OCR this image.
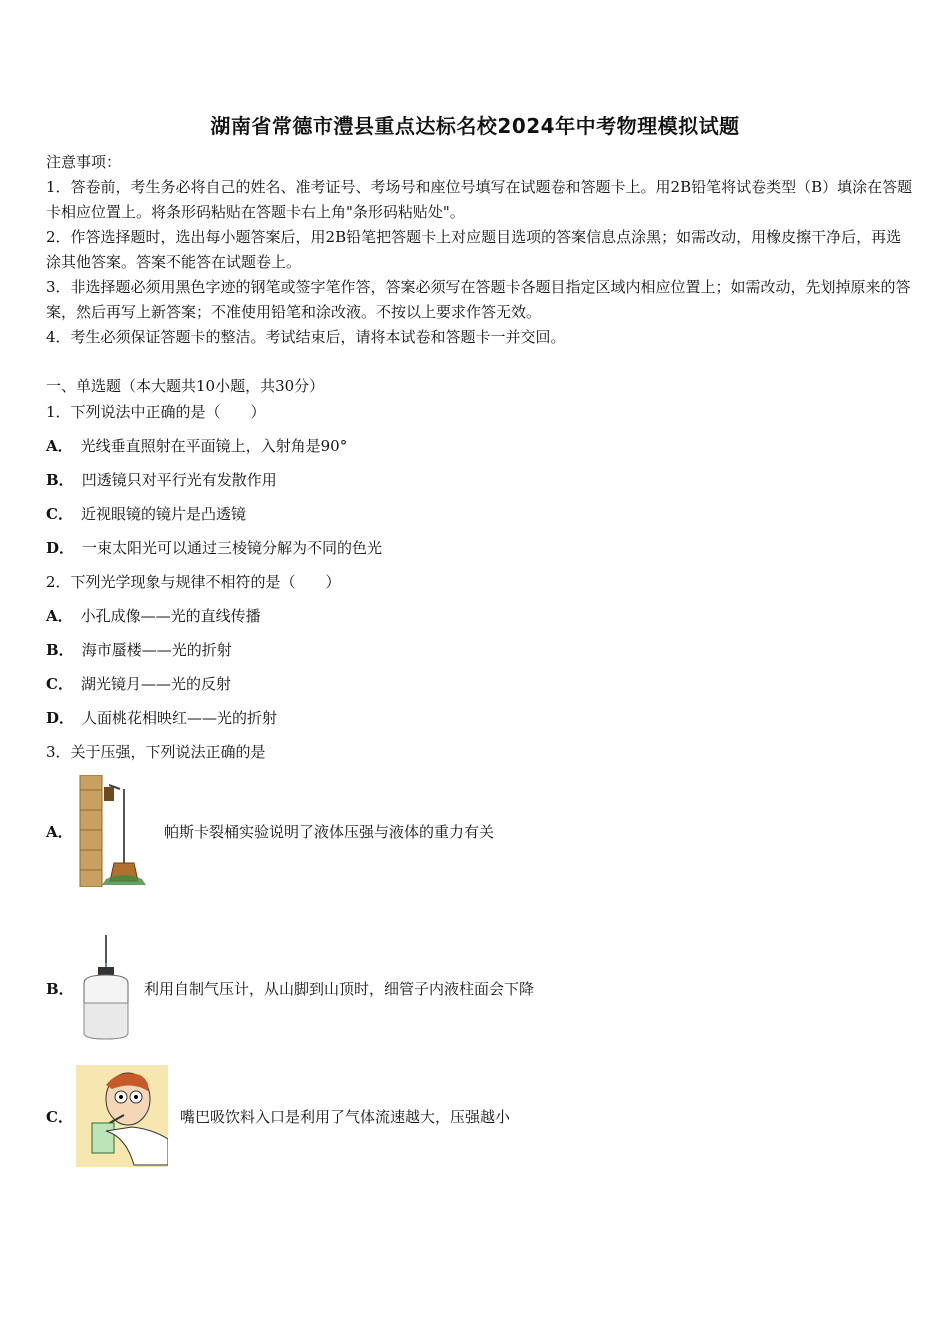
湖南省常德市澧县重点达标名校2024年中考物理模拟试题

注意事项：

1．答卷前，考生务必将自己的姓名、准考证号、考场号和座位号填写在试题卷和答题卡上。用2B铅笔将试卷类型（B）填涂在答题卡相应位置上。将条形码粘贴在答题卡右上角"条形码粘贴处"。

2．作答选择题时，选出每小题答案后，用2B铅笔把答题卡上对应题目选项的答案信息点涂黑；如需改动，用橡皮擦干净后，再选涂其他答案。答案不能答在试题卷上。

3．非选择题必须用黑色字迹的钢笔或签字笔作答，答案必须写在答题卡各题目指定区域内相应位置上；如需改动，先划掉原来的答案，然后再写上新答案；不准使用铅笔和涂改液。不按以上要求作答无效。

4．考生必须保证答题卡的整洁。考试结束后，请将本试卷和答题卡一并交回。

一、单选题（本大题共10小题，共30分）
1．下列说法中正确的是（　　）
A． 光线垂直照射在平面镜上，入射角是90°
B． 凹透镜只对平行光有发散作用
C． 近视眼镜的镜片是凸透镜
D． 一束太阳光可以通过三棱镜分解为不同的色光
2．下列光学现象与规律不相符的是（　　）
A． 小孔成像——光的直线传播
B． 海市蜃楼——光的折射
C． 湖光镜月——光的反射
D． 人面桃花相映红——光的折射
3．关于压强，下列说法正确的是
A．	帕斯卡裂桶实验说明了液体压强与液体的重力有关
B．	利用自制气压计，从山脚到山顶时，细管子内液柱面会下降
C．	嘴巴吸饮料入口是利用了气体流速越大，压强越小
